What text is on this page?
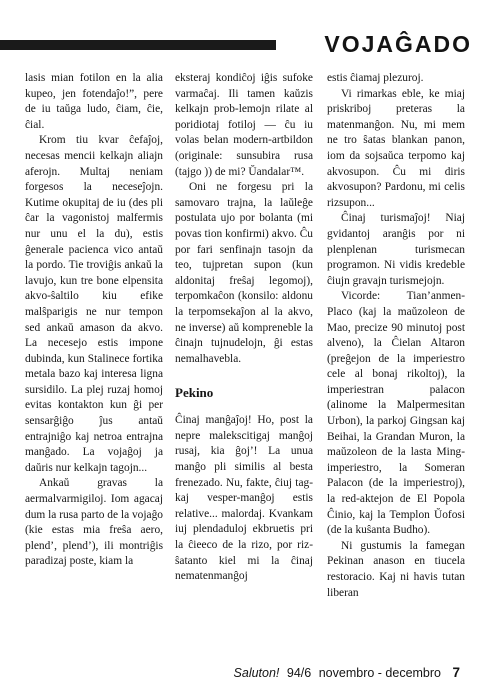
VOJAĜADO

lasis mian fotilon en la alia kupeo, jen fotendaĵo!”, pere de iu taŭga ludo, ĉiam, ĉie, ĉial.

Krom tiu kvar ĉefaĵoj, necesas mencii kelkajn aliajn aferojn. Multaj neniam forgesos la neceseĵojn. Kutime okupitaj de iu (des pli ĉar la vagonistoj malfermis nur unu el la du), estis ĝenerale pacienca vico antaŭ la pordo. Tie troviĝis ankaŭ la lavujo, kun tre bone elpensita akvo-ŝaltilo kiu efike malŝparigis ne nur tempon sed ankaŭ amason da akvo. La necesejo estis impone dubinda, kun Stalinece fortika metala bazo kaj interesa ligna sursidilo. La plej ruzaj homoj evitas kontakton kun ĝi per sensarĝiĝo ĵus antaŭ entrajniĝo kaj netroa entrajna manĝado. La vojaĝoj ja daŭris nur kelkajn tagojn...

Ankaŭ gravas la aermalvarmigiloj. Iom agacaj dum la rusa parto de la vojaĝo (kie estas mia freŝa aero, plend’, plend’), ili montriĝis paradizaj poste, kiam la

eksteraj kondiĉoj iĝis sufoke varmaĉaj. Ili tamen kaŭzis kelkajn prob-lemojn rilate al poridiotaj fotiloj — ĉu iu volas belan modern-artbildon (originale: sunsubira rusa (tajgo )) de mi? Ŭandalar™.

Oni ne forgesu pri la samovaro trajna, la laŭleĝe postulata ujo por bolanta (mi povas tion konfirmi) akvo. Ĉu por fari senfinajn tasojn da teo, tujpretan supon (kun aldonitaj freŝaj legomoj), terpomkaĉon (konsilo: aldonu la terpomsekaĵon al la akvo, ne inverse) aŭ kompreneble la ĉinajn tujnudelojn, ĝi estas nemalhavebla.

Pekino

Ĉinaj manĝaĵoj! Ho, post la nepre malekscitigaj manĝoj rusaj, kia ĝoj’! La unua manĝo pli similis al besta frenezado. Nu, fakte, ĉiuj tag- kaj vesper-manĝoj estis relative... malordaj. Kvankam iuj plendaduloj ekbruetis pri la ĉieeco de la rizo, por riz-ŝatanto kiel mi la ĉinaj nematenmanĝoj

estis ĉiamaj plezuroj.

Vi rimarkas eble, ke miaj priskriboj preteras la matenmanĝon. Nu, mi mem ne tro ŝatas blankan panon, iom da sojsaŭca terpomo kaj akvosupon. Ĉu mi diris akvosupon? Pardonu, mi celis rizsupon...

Ĉinaj turismaĵoj! Niaj gvidantoj aranĝis por ni plenplenan turismecan programon. Ni vidis kredeble ĉiujn gravajn turismejojn.

Vicorde: Tian’anmen-Placo (kaj la maŭzoleon de Mao, precize 90 minutoj post alveno), la Ĉielan Altaron (preĝejon de la imperiestro cele al bonaj rikoltoj), la imperiestran palacon (alinome la Malpermesitan Urbon), la parkoj Gingsan kaj Beihai, la Grandan Muron, la maŭzoleon de la lasta Ming-imperiestro, la Someran Palacon (de la imperiestroj), la red-aktejon de El Popola Ĉinio, kaj la Templon Ŭofosi (de la kuŝanta Budho).

Ni gustumis la famegan Pekinan anason en tiucela restoracio. Kaj ni havis tutan liberan

Saluton! 94/6 novembro - decembro 7
